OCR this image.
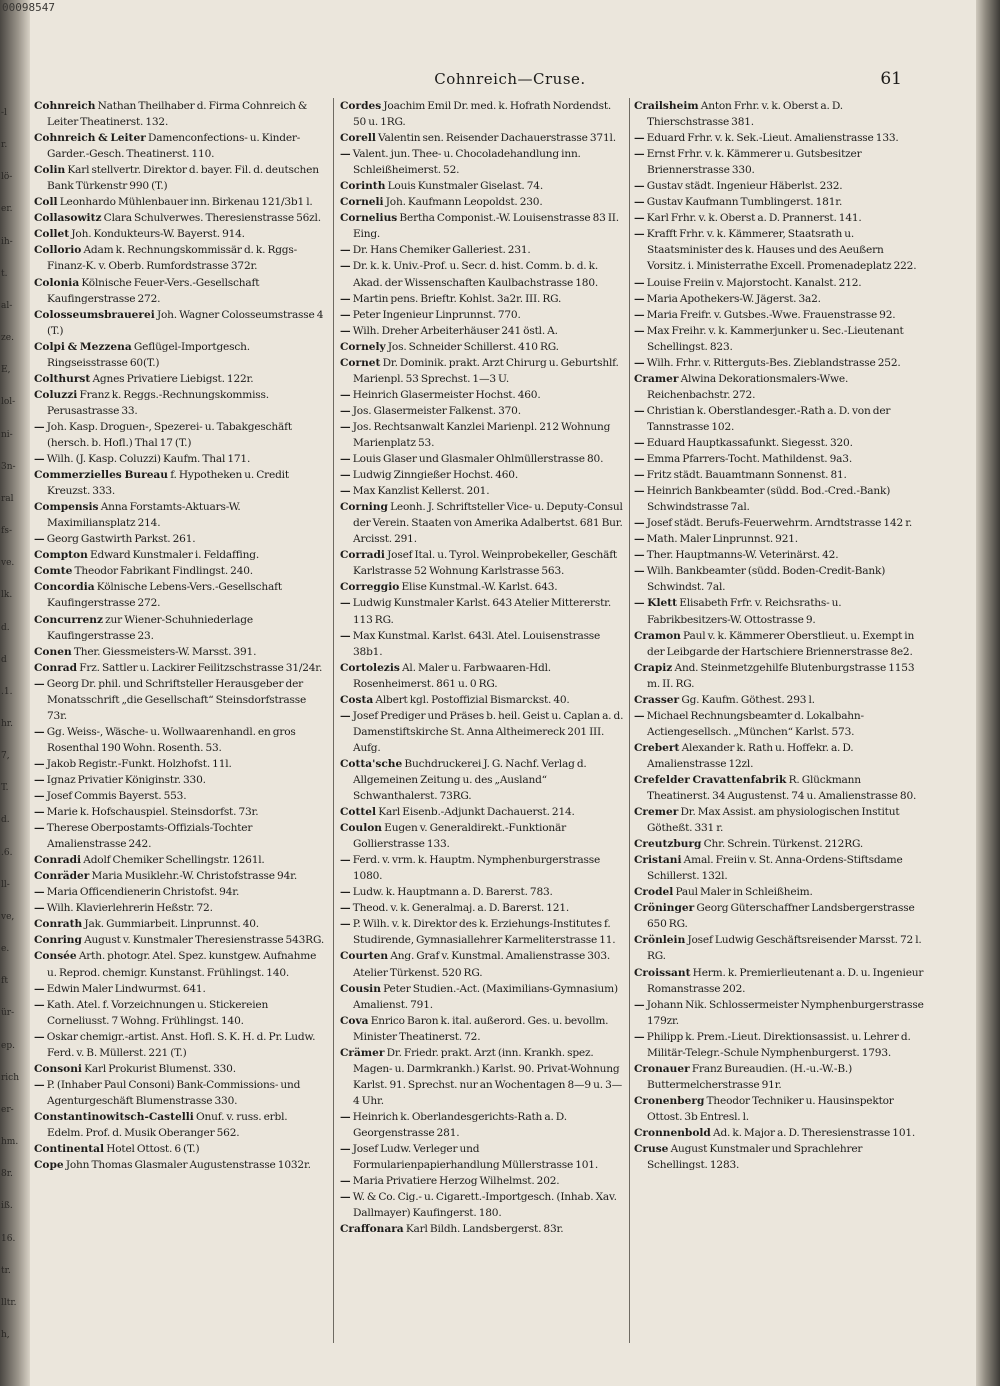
-l
r.
lö-
er.
ih-
t.
al-
ze.
E,
lol-
ni-
3n-
ral
fs-
ve.
lk.
d.
d
.1.
hr.
7,
T.
d.
.6.
ll-
ve,
e.
ft
ür-
ep.
rich
er-
hm.
8r.
iß.
16.
tr.
lltr.
h,
00098547
Cohnreich—Cruse.	61

Cohnreich Nathan Theilhaber d. Firma Cohnreich & Leiter Theatinerst. 132.

Cohnreich & Leiter Damenconfections- u. Kinder-Garder.-Gesch. Theatinerst. 110.

Colin Karl stellvertr. Direktor d. bayer. Fil. d. deutschen Bank Türkenstr 990 (T.)

Coll Leonhardo Mühlenbauer inn. Birkenau 121/3b1 l.

Collasowitz Clara Schulverwes. Theresienstrasse 56zl.

Collet Joh. Kondukteurs-W. Bayerst. 914.

Collorio Adam k. Rechnungskommissär d. k. Rggs-Finanz-K. v. Oberb. Rumfordstrasse 372r.

Colonia Kölnische Feuer-Vers.-Gesellschaft Kaufingerstrasse 272.

Colosseumsbrauerei Joh. Wagner Colosseumstrasse 4 (T.)

Colpi & Mezzena Geflügel-Importgesch. Ringseisstrasse 60(T.)

Colthurst Agnes Privatiere Liebigst. 122r.

Coluzzi Franz k. Reggs.-Rechnungskommiss. Perusastrasse 33.

— Joh. Kasp. Droguen-, Spezerei- u. Tabakgeschäft (hersch. b. Hofl.) Thal 17 (T.)

— Wilh. (J. Kasp. Coluzzi) Kaufm. Thal 171.

Commerzielles Bureau f. Hypotheken u. Credit Kreuzst. 333.

Compensis Anna Forstamts-Aktuars-W. Maximiliansplatz 214.

— Georg Gastwirth Parkst. 261.

Compton Edward Kunstmaler i. Feldaffing.

Comte Theodor Fabrikant Findlingst. 240.

Concordia Kölnische Lebens-Vers.-Gesellschaft Kaufingerstrasse 272.

Concurrenz zur Wiener-Schuhniederlage Kaufingerstrasse 23.

Conen Ther. Giessmeisters-W. Marsst. 391.

Conrad Frz. Sattler u. Lackirer Feilitzschstrasse 31/24r.

— Georg Dr. phil. und Schriftsteller Herausgeber der Monatsschrift „die Gesellschaft“ Steinsdorfstrasse 73r.

— Gg. Weiss-, Wäsche- u. Wollwaarenhandl. en gros Rosenthal 190 Wohn. Rosenth. 53.

— Jakob Registr.-Funkt. Holzhofst. 11l.

— Ignaz Privatier Königinstr. 330.

— Josef Commis Bayerst. 553.

— Marie k. Hofschauspiel. Steinsdorfst. 73r.

— Therese Oberpostamts-Offizials-Tochter Amalienstrasse 242.

Conradi Adolf Chemiker Schellingstr. 1261l.

Conräder Maria Musiklehr.-W. Christofstrasse 94r.

— Maria Officendienerin Christofst. 94r.

— Wilh. Klavierlehrerin Heßstr. 72.

Conrath Jak. Gummiarbeit. Linprunnst. 40.

Conring August v. Kunstmaler Theresienstrasse 543RG.

Consée Arth. photogr. Atel. Spez. kunstgew. Aufnahme u. Reprod. chemigr. Kunstanst. Frühlingst. 140.

— Edwin Maler Lindwurmst. 641.

— Kath. Atel. f. Vorzeichnungen u. Stickereien Corneliusst. 7 Wohng. Frühlingst. 140.

— Oskar chemigr.-artist. Anst. Hofl. S. K. H. d. Pr. Ludw. Ferd. v. B. Müllerst. 221 (T.)

Consoni Karl Prokurist Blumenst. 330.

— P. (Inhaber Paul Consoni) Bank-Commissions- und Agenturgeschäft Blumenstrasse 330.

Constantinowitsch-Castelli Onuf. v. russ. erbl. Edelm. Prof. d. Musik Oberanger 562.

Continental Hotel Ottost. 6 (T.)

Cope John Thomas Glasmaler Augustenstrasse 1032r.

Cordes Joachim Emil Dr. med. k. Hofrath Nordendst. 50 u. 1RG.

Corell Valentin sen. Reisender Dachauerstrasse 371l.

— Valent. jun. Thee- u. Chocoladehandlung inn. Schleißheimerst. 52.

Corinth Louis Kunstmaler Giselast. 74.

Corneli Joh. Kaufmann Leopoldst. 230.

Cornelius Bertha Componist.-W. Louisenstrasse 83 II. Eing.

— Dr. Hans Chemiker Galleriest. 231.

— Dr. k. k. Univ.-Prof. u. Secr. d. hist. Comm. b. d. k. Akad. der Wissenschaften Kaulbachstrasse 180.

— Martin pens. Brieftr. Kohlst. 3a2r. III. RG.

— Peter Ingenieur Linprunnst. 770.

— Wilh. Dreher Arbeiterhäuser 241 östl. A.

Cornely Jos. Schneider Schillerst. 410 RG.

Cornet Dr. Dominik. prakt. Arzt Chirurg u. Geburtshlf. Marienpl. 53 Sprechst. 1—3 U.

— Heinrich Glasermeister Hochst. 460.

— Jos. Glasermeister Falkenst. 370.

— Jos. Rechtsanwalt Kanzlei Marienpl. 212 Wohnung Marienplatz 53.

— Louis Glaser und Glasmaler Ohlmüllerstrasse 80.

— Ludwig Zinngießer Hochst. 460.

— Max Kanzlist Kellerst. 201.

Corning Leonh. J. Schriftsteller Vice- u. Deputy-Consul der Verein. Staaten von Amerika Adalbertst. 681 Bur. Arcisst. 291.

Corradi Josef Ital. u. Tyrol. Weinprobekeller, Geschäft Karlstrasse 52 Wohnung Karlstrasse 563.

Correggio Elise Kunstmal.-W. Karlst. 643.

— Ludwig Kunstmaler Karlst. 643 Atelier Mittererstr. 113 RG.

— Max Kunstmal. Karlst. 643l. Atel. Louisenstrasse 38b1.

Cortolezis Al. Maler u. Farbwaaren-Hdl. Rosenheimerst. 861 u. 0 RG.

Costa Albert kgl. Postoffizial Bismarckst. 40.

— Josef Prediger und Präses b. heil. Geist u. Caplan a. d. Damenstiftskirche St. Anna Altheimereck 201 III. Aufg.

Cotta'sche Buchdruckerei J. G. Nachf. Verlag d. Allgemeinen Zeitung u. des „Ausland“ Schwanthalerst. 73RG.

Cottel Karl Eisenb.-Adjunkt Dachauerst. 214.

Coulon Eugen v. Generaldirekt.-Funktionär Gollierstrasse 133.

— Ferd. v. vrm. k. Hauptm. Nymphenburgerstrasse 1080.

— Ludw. k. Hauptmann a. D. Barerst. 783.

— Theod. v. k. Generalmaj. a. D. Barerst. 121.

— P. Wilh. v. k. Direktor des k. Erziehungs-Institutes f. Studirende, Gymnasiallehrer Karmeliterstrasse 11.

Courten Ang. Graf v. Kunstmal. Amalienstrasse 303. Atelier Türkenst. 520 RG.

Cousin Peter Studien.-Act. (Maximilians-Gymnasium) Amalienst. 791.

Cova Enrico Baron k. ital. außerord. Ges. u. bevollm. Minister Theatinerst. 72.

Crämer Dr. Friedr. prakt. Arzt (inn. Krankh. spez. Magen- u. Darmkrankh.) Karlst. 90. Privat-Wohnung Karlst. 91. Sprechst. nur an Wochentagen 8—9 u. 3—4 Uhr.

— Heinrich k. Oberlandesgerichts-Rath a. D. Georgenstrasse 281.

— Josef Ludw. Verleger und Formularienpapierhandlung Müllerstrasse 101.

— Maria Privatiere Herzog Wilhelmst. 202.

— W. & Co. Cig.- u. Cigarett.-Importgesch. (Inhab. Xav. Dallmayer) Kaufingerst. 180.

Craffonara Karl Bildh. Landsbergerst. 83r.

Crailsheim Anton Frhr. v. k. Oberst a. D. Thierschstrasse 381.

— Eduard Frhr. v. k. Sek.-Lieut. Amalienstrasse 133.

— Ernst Frhr. v. k. Kämmerer u. Gutsbesitzer Briennerstrasse 330.

— Gustav städt. Ingenieur Häberlst. 232.

— Gustav Kaufmann Tumblingerst. 181r.

— Karl Frhr. v. k. Oberst a. D. Prannerst. 141.

— Krafft Frhr. v. k. Kämmerer, Staatsrath u. Staatsminister des k. Hauses und des Aeußern Vorsitz. i. Ministerrathe Excell. Promenadeplatz 222.

— Louise Freiin v. Majorstocht. Kanalst. 212.

— Maria Apothekers-W. Jägerst. 3a2.

— Maria Freifr. v. Gutsbes.-Wwe. Frauenstrasse 92.

— Max Freihr. v. k. Kammerjunker u. Sec.-Lieutenant Schellingst. 823.

— Wilh. Frhr. v. Ritterguts-Bes. Zieblandstrasse 252.

Cramer Alwina Dekorationsmalers-Wwe. Reichenbachstr. 272.

— Christian k. Oberstlandesger.-Rath a. D. von der Tannstrasse 102.

— Eduard Hauptkassafunkt. Siegesst. 320.

— Emma Pfarrers-Tocht. Mathildenst. 9a3.

— Fritz städt. Bauamtmann Sonnenst. 81.

— Heinrich Bankbeamter (südd. Bod.-Cred.-Bank) Schwindstrasse 7al.

— Josef städt. Berufs-Feuerwehrm. Arndtstrasse 142 r.

— Math. Maler Linprunnst. 921.

— Ther. Hauptmanns-W. Veterinärst. 42.

— Wilh. Bankbeamter (südd. Boden-Credit-Bank) Schwindst. 7al.

— Klett Elisabeth Frfr. v. Reichsraths- u. Fabrikbesitzers-W. Ottostrasse 9.

Cramon Paul v. k. Kämmerer Oberstlieut. u. Exempt in der Leibgarde der Hartschiere Briennerstrasse 8e2.

Crapiz And. Steinmetzgehilfe Blutenburgstrasse 1153 m. II. RG.

Crasser Gg. Kaufm. Göthest. 293 l.

— Michael Rechnungsbeamter d. Lokalbahn-Actiengesellsch. „München“ Karlst. 573.

Crebert Alexander k. Rath u. Hoffekr. a. D. Amalienstrasse 12zl.

Crefelder Cravattenfabrik R. Glückmann Theatinerst. 34 Augustenst. 74 u. Amalienstrasse 80.

Cremer Dr. Max Assist. am physiologischen Institut Götheßt. 331 r.

Creutzburg Chr. Schrein. Türkenst. 212RG.

Cristani Amal. Freiin v. St. Anna-Ordens-Stiftsdame Schillerst. 132l.

Crodel Paul Maler in Schleißheim.

Cröninger Georg Güterschaffner Landsbergerstrasse 650 RG.

Crönlein Josef Ludwig Geschäftsreisender Marsst. 72 l. RG.

Croissant Herm. k. Premierlieutenant a. D. u. Ingenieur Romanstrasse 202.

— Johann Nik. Schlossermeister Nymphenburgerstrasse 179zr.

— Philipp k. Prem.-Lieut. Direktionsassist. u. Lehrer d. Militär-Telegr.-Schule Nymphenburgerst. 1793.

Cronauer Franz Bureaudien. (H.-u.-W.-B.) Buttermelcherstrasse 91r.

Cronenberg Theodor Techniker u. Hausinspektor Ottost. 3b Entresl. l.

Cronnenbold Ad. k. Major a. D. Theresienstrasse 101.

Cruse August Kunstmaler und Sprachlehrer Schellingst. 1283.
